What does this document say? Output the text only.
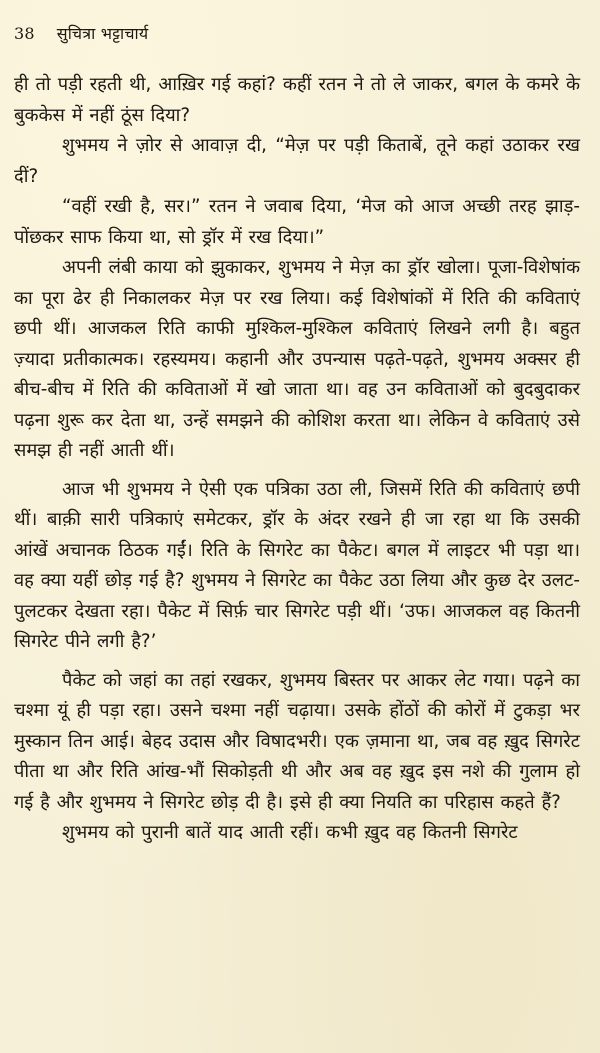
38 सुचित्रा भट्टाचार्य

ही तो पड़ी रहती थी, आख़िर गई कहां? कहीं रतन ने तो ले जाकर, बगल के कमरे के बुककेस में नहीं ठूंस दिया?

शुभमय ने ज़ोर से आवाज़ दी, “मेज़ पर पड़ी किताबें, तूने कहां उठाकर रख दीं?

“वहीं रखी है, सर।” रतन ने जवाब दिया, ‘मेज को आज अच्छी तरह झाड़-पोंछकर साफ किया था, सो ड्रॉर में रख दिया।”

अपनी लंबी काया को झुकाकर, शुभमय ने मेज़ का ड्रॉर खोला। पूजा-विशेषांक का पूरा ढेर ही निकालकर मेज़ पर रख लिया। कई विशेषांकों में रिति की कविताएं छपी थीं। आजकल रिति काफी मुश्किल-मुश्किल कविताएं लिखने लगी है। बहुत ज़्यादा प्रतीकात्मक। रहस्यमय। कहानी और उपन्यास पढ़ते-पढ़ते, शुभमय अक्सर ही बीच-बीच में रिति की कविताओं में खो जाता था। वह उन कविताओं को बुदबुदाकर पढ़ना शुरू कर देता था, उन्हें समझने की कोशिश करता था। लेकिन वे कविताएं उसे समझ ही नहीं आती थीं।

आज भी शुभमय ने ऐसी एक पत्रिका उठा ली, जिसमें रिति की कविताएं छपी थीं। बाक़ी सारी पत्रिकाएं समेटकर, ड्रॉर के अंदर रखने ही जा रहा था कि उसकी आंखें अचानक ठिठक गईं। रिति के सिगरेट का पैकेट। बगल में लाइटर भी पड़ा था। वह क्या यहीं छोड़ गई है? शुभमय ने सिगरेट का पैकेट उठा लिया और कुछ देर उलट-पुलटकर देखता रहा। पैकेट में सिर्फ़ चार सिगरेट पड़ी थीं। ‘उफ। आजकल वह कितनी सिगरेट पीने लगी है?’

पैकेट को जहां का तहां रखकर, शुभमय बिस्तर पर आकर लेट गया। पढ़ने का चश्मा यूं ही पड़ा रहा। उसने चश्मा नहीं चढ़ाया। उसके होंठों की कोरों में टुकड़ा भर मुस्कान तिन आई। बेहद उदास और विषादभरी। एक ज़माना था, जब वह ख़ुद सिगरेट पीता था और रिति आंख-भौं सिकोड़ती थी और अब वह ख़ुद इस नशे की गुलाम हो गई है और शुभमय ने सिगरेट छोड़ दी है। इसे ही क्या नियति का परिहास कहते हैं?

शुभमय को पुरानी बातें याद आती रहीं। कभी ख़ुद वह कितनी सिगरेट
